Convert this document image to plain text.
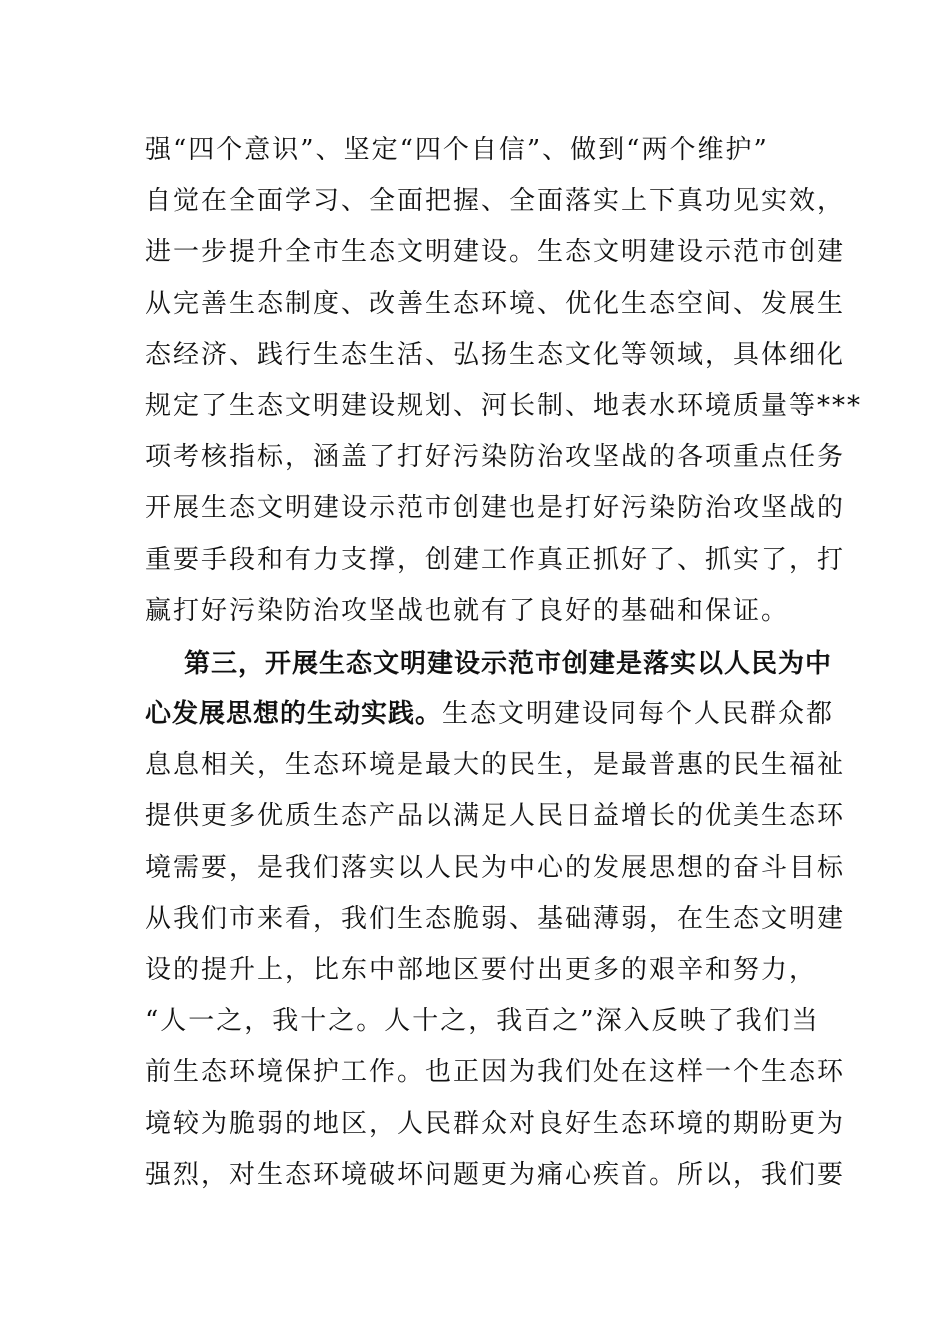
强“四个意识”、坚定“四个自信”、做到“两个维护”
自觉在全面学习、全面把握、全面落实上下真功见实效，
进一步提升全市生态文明建设。生态文明建设示范市创建
从完善生态制度、改善生态环境、优化生态空间、发展生
态经济、践行生态生活、弘扬生态文化等领域，具体细化
规定了生态文明建设规划、河长制、地表水环境质量等***
项考核指标，涵盖了打好污染防治攻坚战的各项重点任务
开展生态文明建设示范市创建也是打好污染防治攻坚战的
重要手段和有力支撑，创建工作真正抓好了、抓实了，打
赢打好污染防治攻坚战也就有了良好的基础和保证。
第三，开展生态文明建设示范市创建是落实以人民为中
心发展思想的生动实践。生态文明建设同每个人民群众都
息息相关，生态环境是最大的民生，是最普惠的民生福祉
提供更多优质生态产品以满足人民日益增长的优美生态环
境需要，是我们落实以人民为中心的发展思想的奋斗目标
从我们市来看，我们生态脆弱、基础薄弱，在生态文明建
设的提升上，比东中部地区要付出更多的艰辛和努力，
“人一之，我十之。人十之，我百之”深入反映了我们当
前生态环境保护工作。也正因为我们处在这样一个生态环
境较为脆弱的地区，人民群众对良好生态环境的期盼更为
强烈，对生态环境破坏问题更为痛心疾首。所以，我们要
